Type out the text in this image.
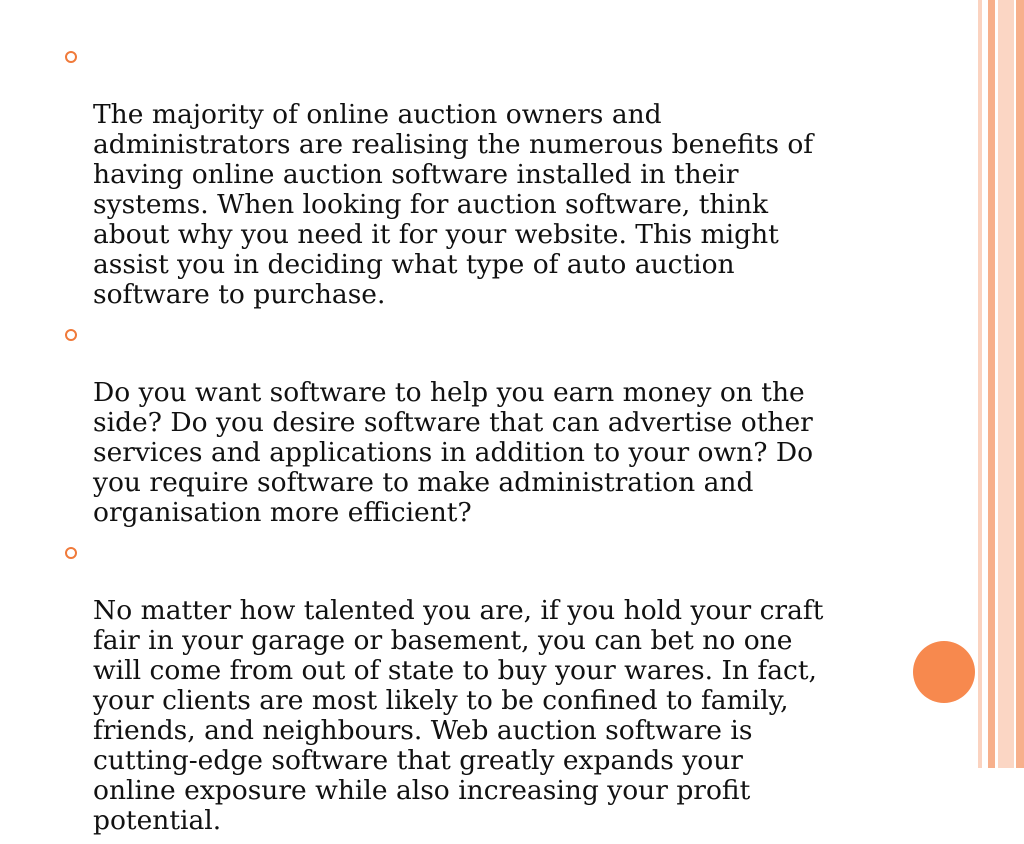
The majority of online auction owners and
administrators are realising the numerous benefits of
having online auction software installed in their
systems. When looking for auction software, think
about why you need it for your website. This might
assist you in deciding what type of auto auction
software to purchase.

Do you want software to help you earn money on the
side? Do you desire software that can advertise other
services and applications in addition to your own? Do
you require software to make administration and
organisation more efficient?

No matter how talented you are, if you hold your craft
fair in your garage or basement, you can bet no one
will come from out of state to buy your wares. In fact,
your clients are most likely to be confined to family,
friends, and neighbours. Web auction software is
cutting-edge software that greatly expands your
online exposure while also increasing your profit
potential.
